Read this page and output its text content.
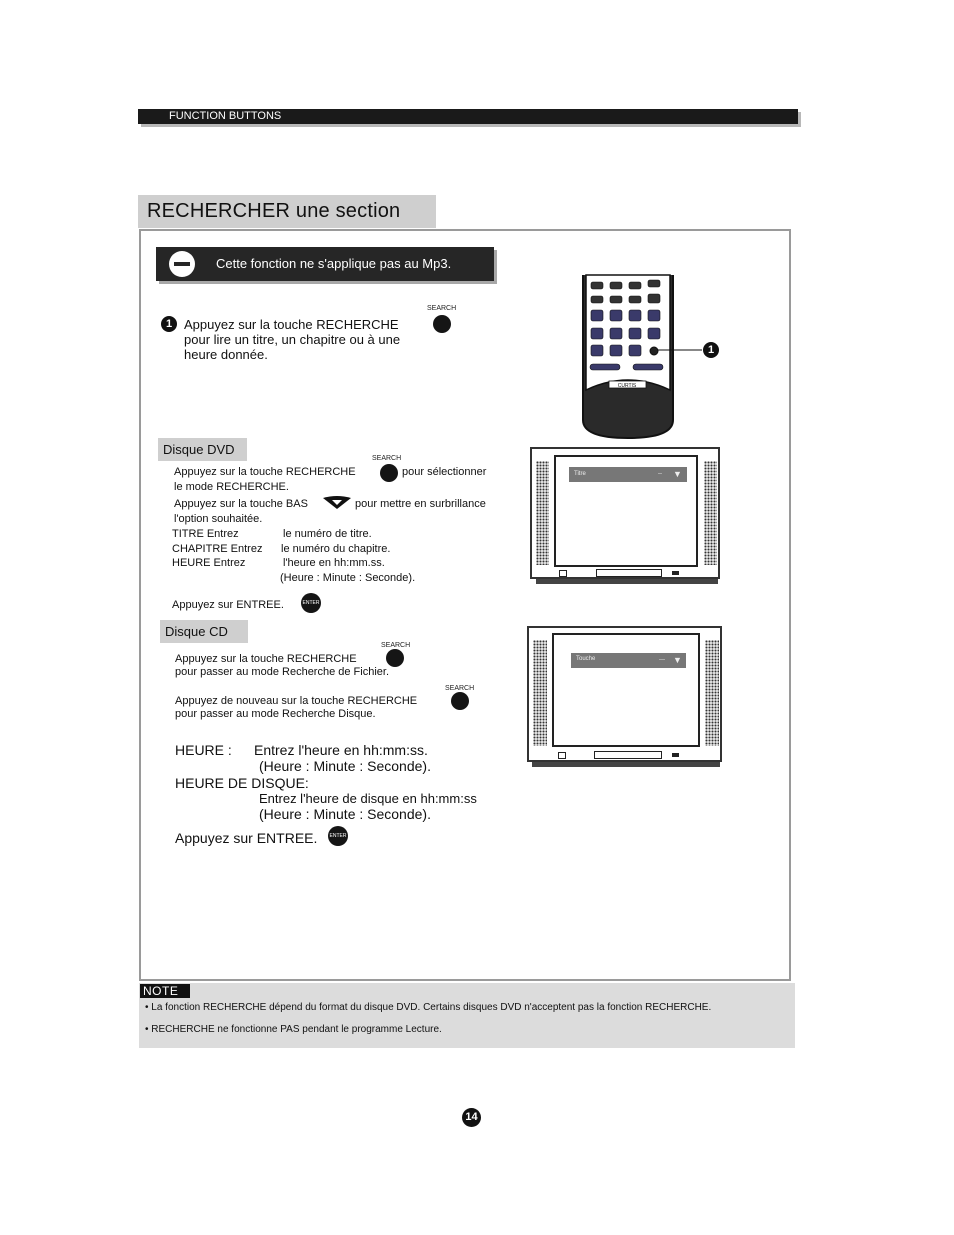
FUNCTION BUTTONS
RECHERCHER une section
Cette fonction ne s'applique pas au Mp3.
1
SEARCH
Appuyez sur la touche RECHERCHE
pour lire un titre, un chapitre ou à une
heure donnée.
CURTIS
1
Disque DVD
SEARCH
Appuyez sur la touche RECHERCHE	pour sélectionner
le mode RECHERCHE.
Appuyez sur la touche BAS	pour mettre en surbrillance
l'option souhaitée.
TITRE Entrez	le numéro de titre.
CHAPITRE Entrez le numéro du chapitre.
HEURE Entrez	l'heure en hh:mm.ss.
(Heure : Minute : Seconde).
Appuyez sur ENTREE.	ENTER
Titre	-- ▼
Disque CD
SEARCH
Appuyez sur la touche RECHERCHE
pour passer au mode Recherche de Fichier.
SEARCH
Appuyez de nouveau sur la touche RECHERCHE
pour passer au mode Recherche Disque.
HEURE : Entrez l'heure en hh:mm:ss.
(Heure : Minute : Seconde).
HEURE DE DISQUE:
Entrez l'heure de disque en hh:mm:ss
(Heure : Minute : Seconde).
Appuyez sur ENTREE.	ENTER
Touche	--- ▼
NOTE
• La fonction RECHERCHE dépend du format du disque DVD. Certains disques DVD n'acceptent pas la fonction RECHERCHE.
• RECHERCHE ne fonctionne PAS pendant le programme Lecture.
14
